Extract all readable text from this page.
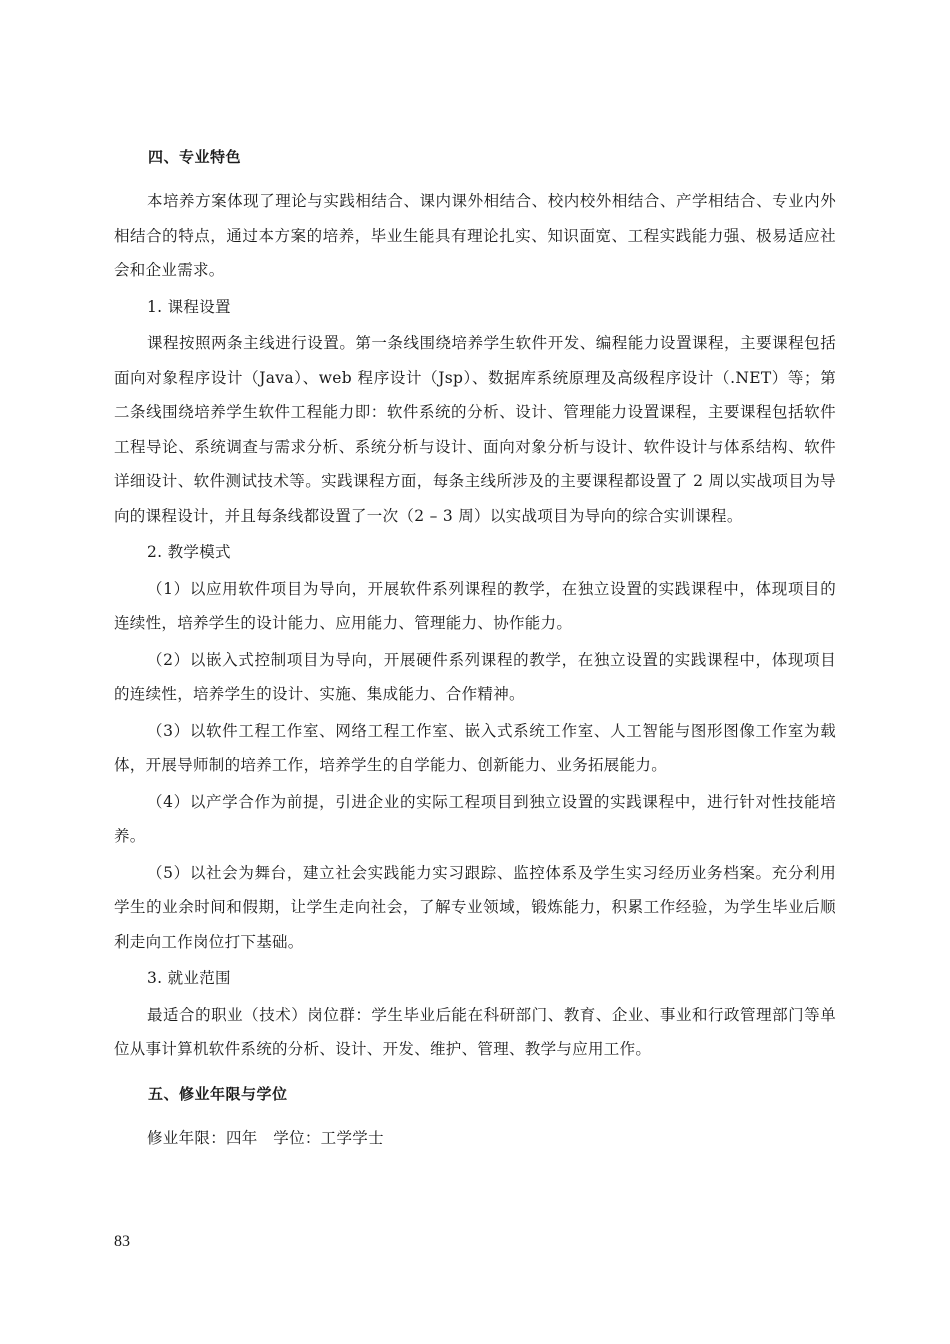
四、专业特色

本培养方案体现了理论与实践相结合、课内课外相结合、校内校外相结合、产学相结合、专业内外相结合的特点，通过本方案的培养，毕业生能具有理论扎实、知识面宽、工程实践能力强、极易适应社会和企业需求。

1. 课程设置

课程按照两条主线进行设置。第一条线围绕培养学生软件开发、编程能力设置课程，主要课程包括面向对象程序设计（Java）、web 程序设计（Jsp）、数据库系统原理及高级程序设计（.NET）等；第二条线围绕培养学生软件工程能力即：软件系统的分析、设计、管理能力设置课程，主要课程包括软件工程导论、系统调查与需求分析、系统分析与设计、面向对象分析与设计、软件设计与体系结构、软件详细设计、软件测试技术等。实践课程方面，每条主线所涉及的主要课程都设置了 2 周以实战项目为导向的课程设计，并且每条线都设置了一次（2 – 3 周）以实战项目为导向的综合实训课程。

2. 教学模式

（1）以应用软件项目为导向，开展软件系列课程的教学，在独立设置的实践课程中，体现项目的连续性，培养学生的设计能力、应用能力、管理能力、协作能力。

（2）以嵌入式控制项目为导向，开展硬件系列课程的教学，在独立设置的实践课程中，体现项目的连续性，培养学生的设计、实施、集成能力、合作精神。

（3）以软件工程工作室、网络工程工作室、嵌入式系统工作室、人工智能与图形图像工作室为载体，开展导师制的培养工作，培养学生的自学能力、创新能力、业务拓展能力。

（4）以产学合作为前提，引进企业的实际工程项目到独立设置的实践课程中，进行针对性技能培养。

（5）以社会为舞台，建立社会实践能力实习跟踪、监控体系及学生实习经历业务档案。充分利用学生的业余时间和假期，让学生走向社会，了解专业领域，锻炼能力，积累工作经验，为学生毕业后顺利走向工作岗位打下基础。

3. 就业范围

最适合的职业（技术）岗位群：学生毕业后能在科研部门、教育、企业、事业和行政管理部门等单位从事计算机软件系统的分析、设计、开发、维护、管理、教学与应用工作。

五、修业年限与学位

修业年限：四年   学位：工学学士

83
